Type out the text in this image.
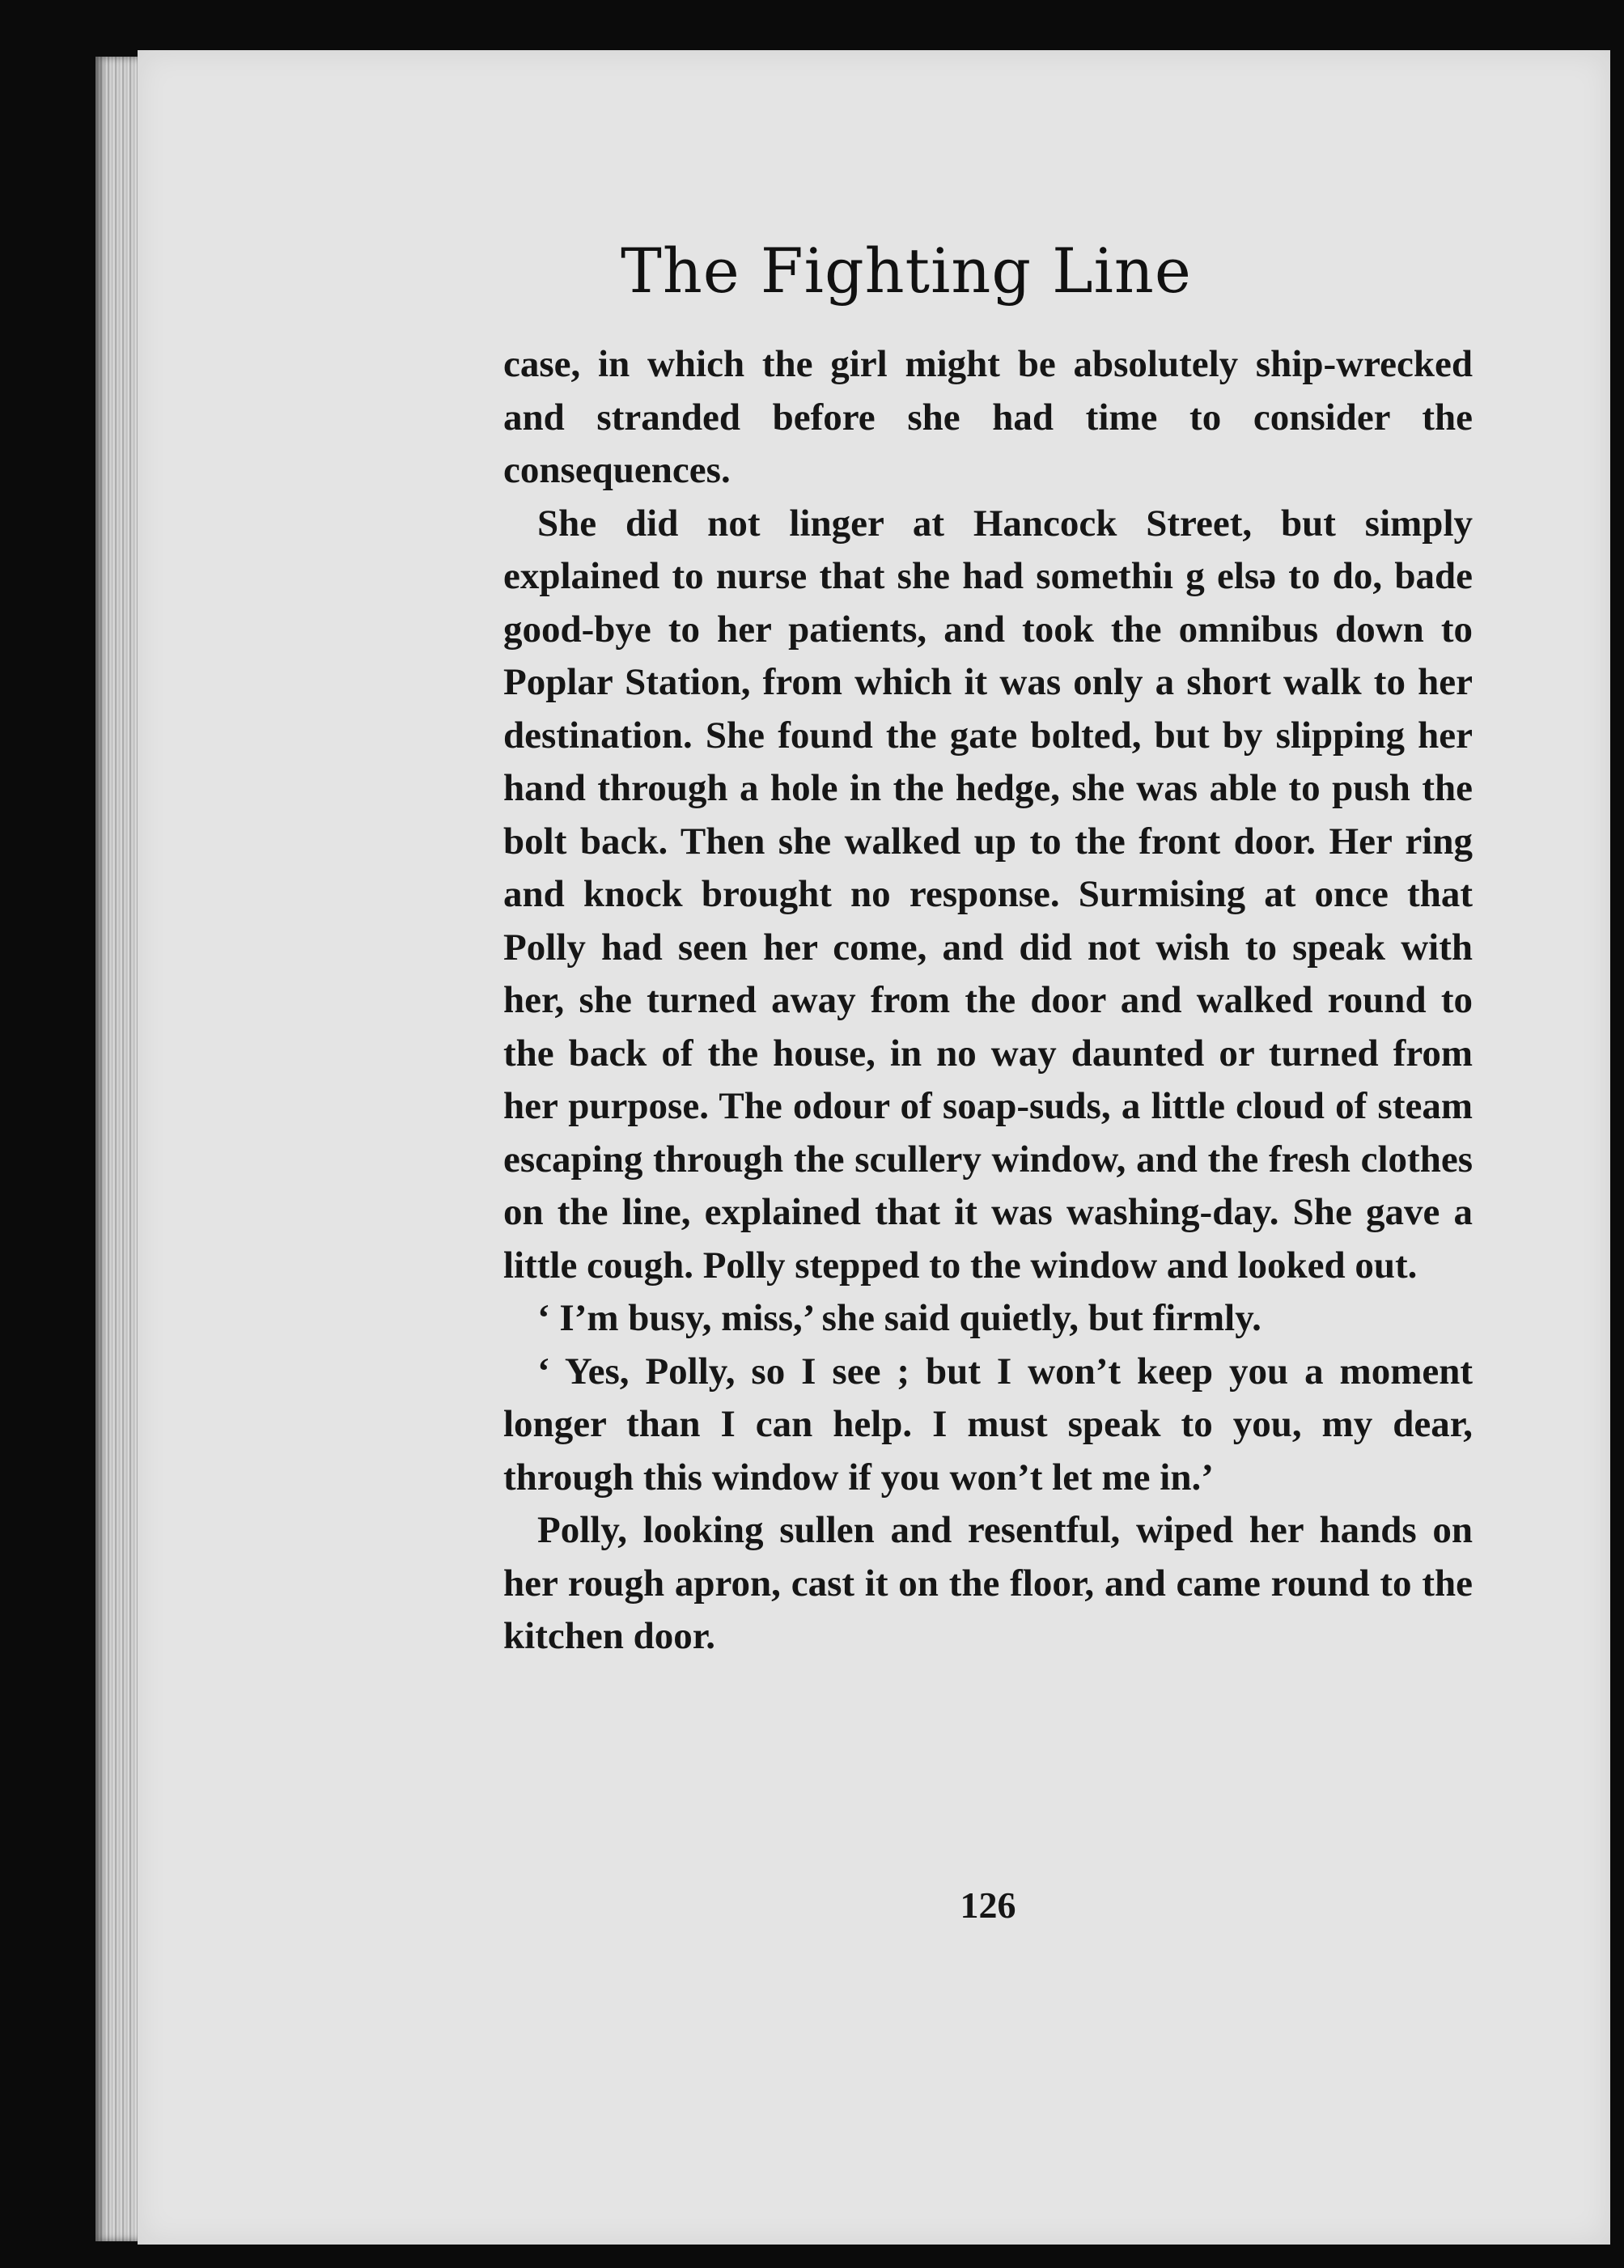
The Fighting Line

case, in which the girl might be absolutely ship-wrecked and stranded before she had time to consider the consequences.

She did not linger at Hancock Street, but simply explained to nurse that she had somethiı g elsə to do, bade good-bye to her patients, and took the omnibus down to Poplar Station, from which it was only a short walk to her destination. She found the gate bolted, but by slipping her hand through a hole in the hedge, she was able to push the bolt back. Then she walked up to the front door. Her ring and knock brought no response. Surmising at once that Polly had seen her come, and did not wish to speak with her, she turned away from the door and walked round to the back of the house, in no way daunted or turned from her purpose. The odour of soap-suds, a little cloud of steam escaping through the scullery window, and the fresh clothes on the line, explained that it was washing-day. She gave a little cough. Polly stepped to the window and looked out.

‘ I’m busy, miss,’ she said quietly, but firmly.

‘ Yes, Polly, so I see ; but I won’t keep you a moment longer than I can help. I must speak to you, my dear, through this window if you won’t let me in.’

Polly, looking sullen and resentful, wiped her hands on her rough apron, cast it on the floor, and came round to the kitchen door.

126
